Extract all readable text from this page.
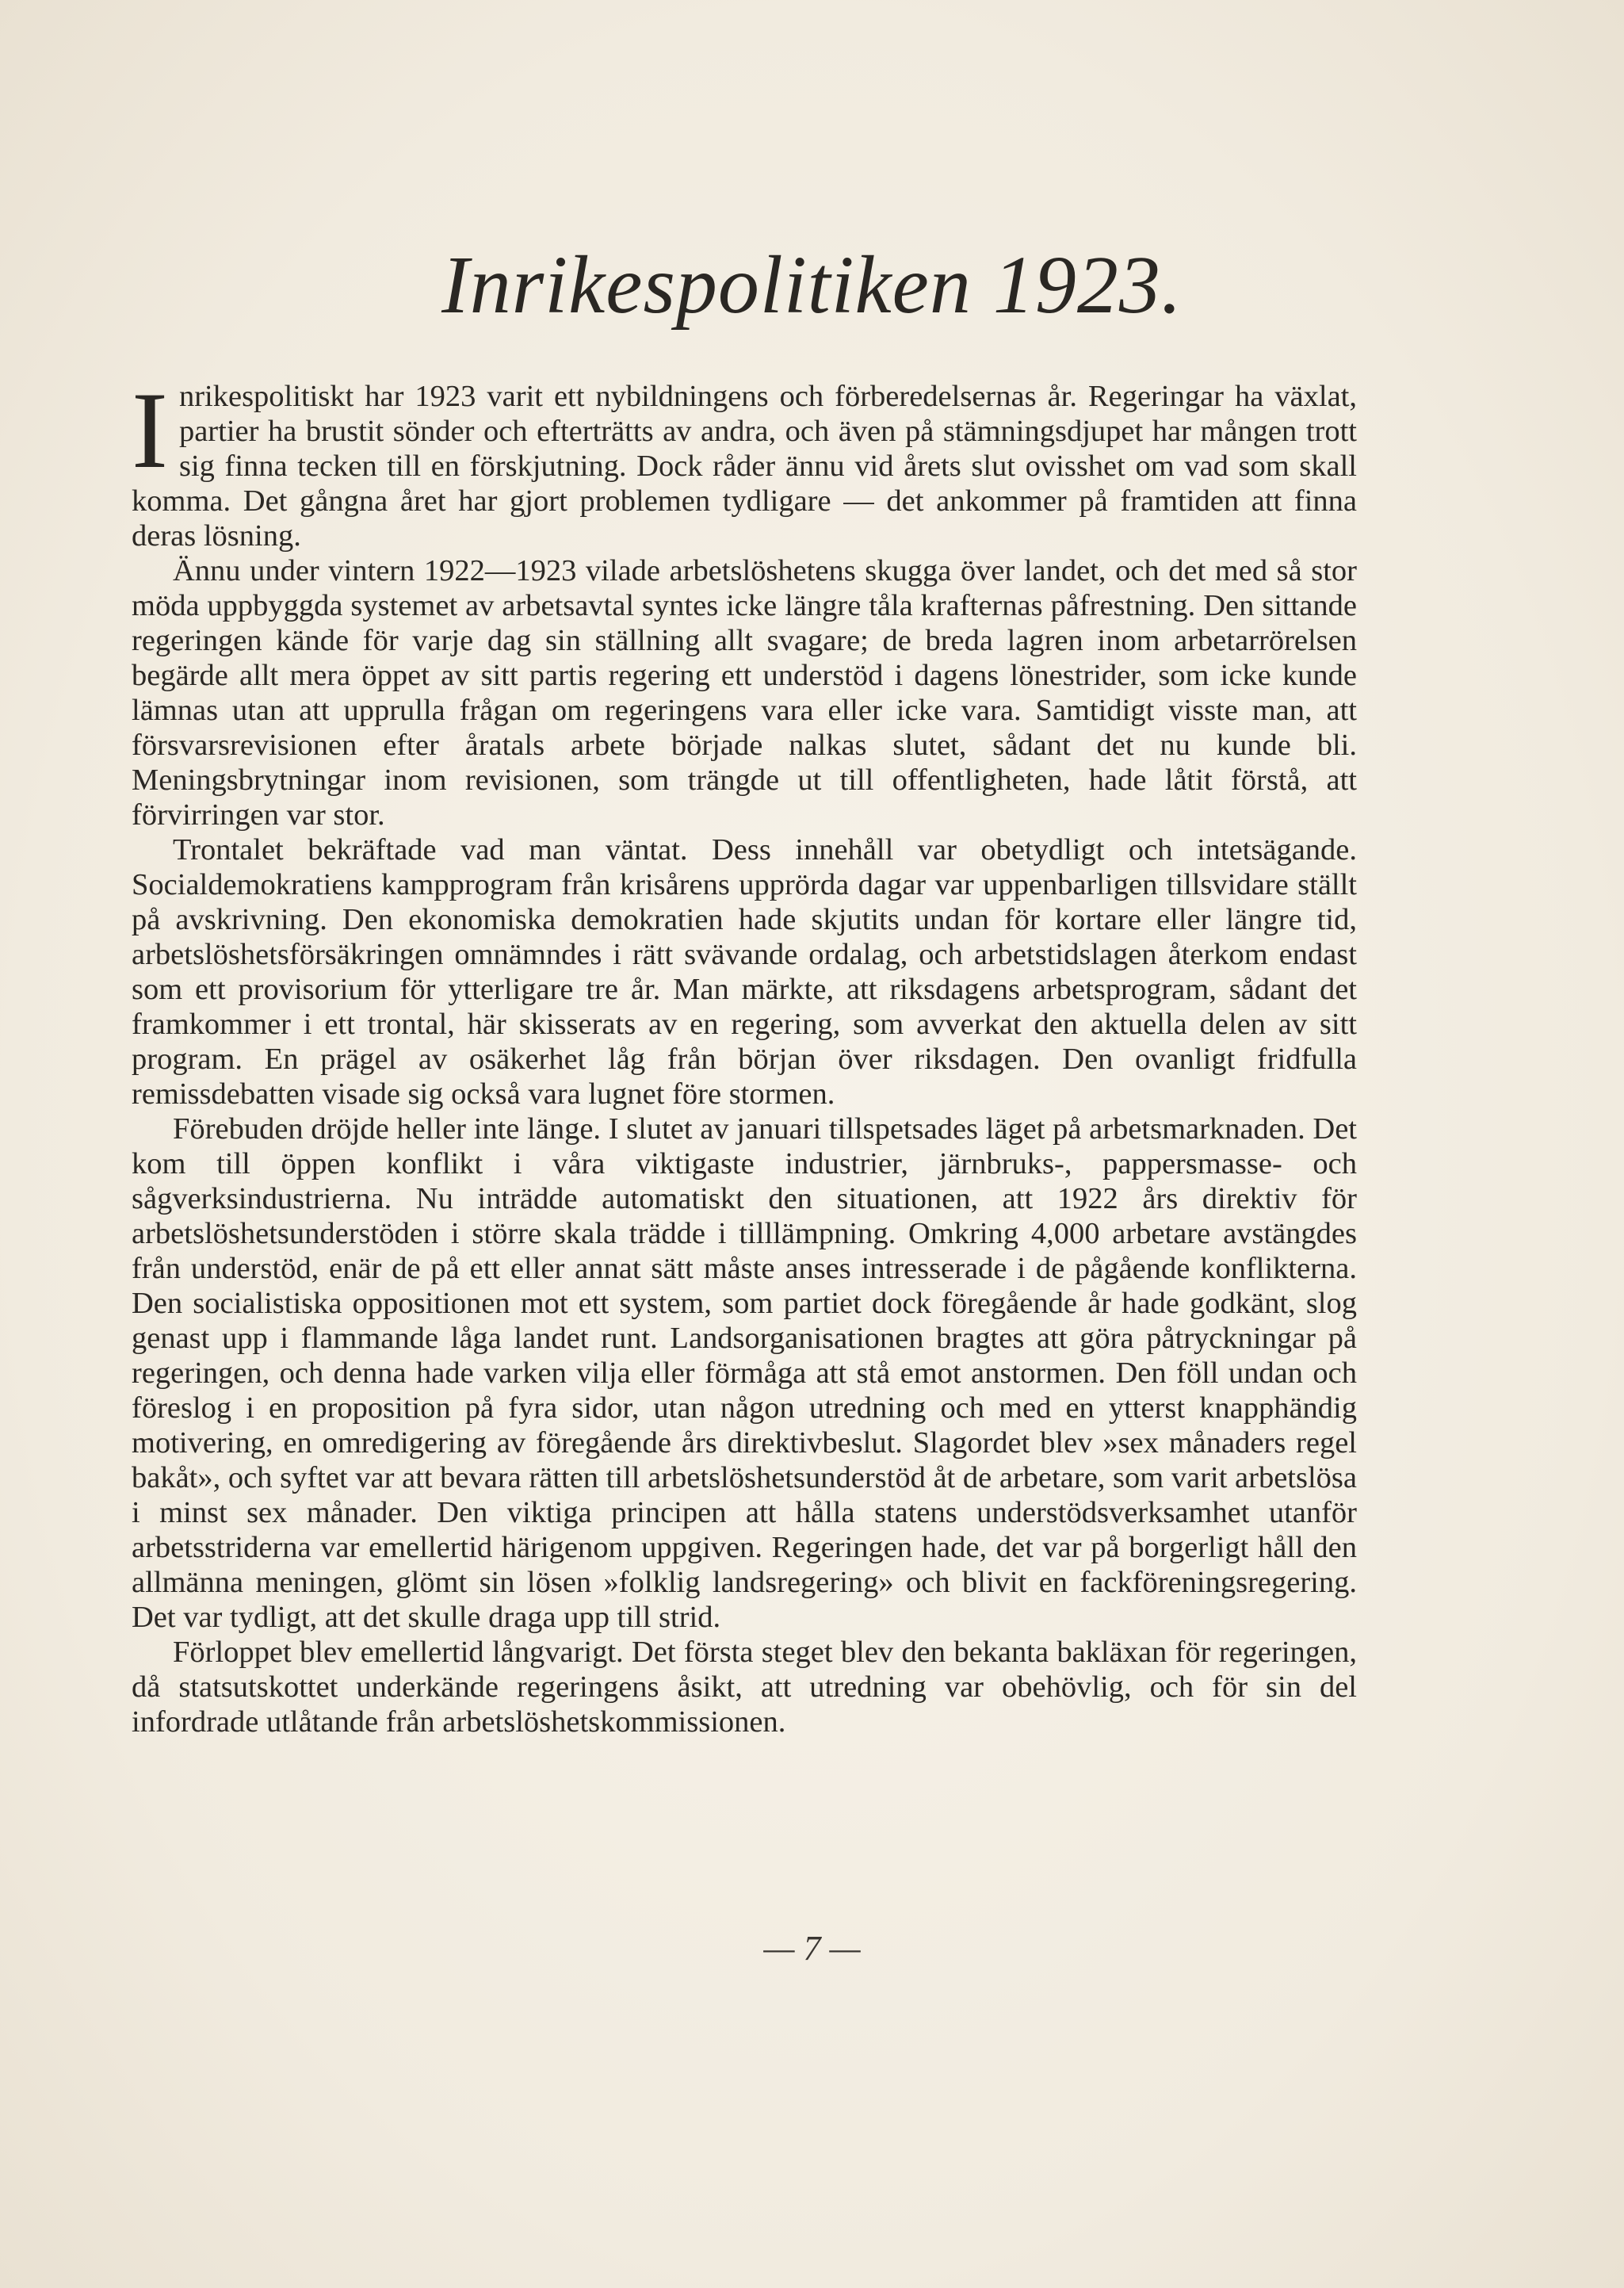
Inrikespolitiken 1923.

Inrikespolitiskt har 1923 varit ett nybildningens och förberedelsernas år. Regeringar ha växlat, partier ha brustit sönder och efterträtts av andra, och även på stämningsdjupet har mången trott sig finna tecken till en förskjutning. Dock råder ännu vid årets slut ovisshet om vad som skall komma. Det gångna året har gjort problemen tydligare — det ankommer på framtiden att finna deras lösning.

Ännu under vintern 1922—1923 vilade arbetslöshetens skugga över landet, och det med så stor möda uppbyggda systemet av arbetsavtal syntes icke längre tåla krafternas påfrestning. Den sittande regeringen kände för varje dag sin ställning allt svagare; de breda lagren inom arbetarrörelsen begärde allt mera öppet av sitt partis regering ett understöd i dagens lönestrider, som icke kunde lämnas utan att upprulla frågan om regeringens vara eller icke vara. Samtidigt visste man, att försvarsrevisionen efter åratals arbete började nalkas slutet, sådant det nu kunde bli. Meningsbrytningar inom revisionen, som trängde ut till offentligheten, hade låtit förstå, att förvirringen var stor.

Trontalet bekräftade vad man väntat. Dess innehåll var obetydligt och intetsägande. Socialdemokratiens kampprogram från krisårens upprörda dagar var uppenbarligen tillsvidare ställt på avskrivning. Den ekonomiska demokratien hade skjutits undan för kortare eller längre tid, arbetslöshetsförsäkringen omnämndes i rätt svävande ordalag, och arbetstidslagen återkom endast som ett provisorium för ytterligare tre år. Man märkte, att riksdagens arbetsprogram, sådant det framkommer i ett trontal, här skisserats av en regering, som avverkat den aktuella delen av sitt program. En prägel av osäkerhet låg från början över riksdagen. Den ovanligt fridfulla remissdebatten visade sig också vara lugnet före stormen.

Förebuden dröjde heller inte länge. I slutet av januari tillspetsades läget på arbetsmarknaden. Det kom till öppen konflikt i våra viktigaste industrier, järnbruks-, pappersmasse- och sågverksindustrierna. Nu inträdde automatiskt den situationen, att 1922 års direktiv för arbetslöshetsunderstöden i större skala trädde i tilllämpning. Omkring 4,000 arbetare avstängdes från understöd, enär de på ett eller annat sätt måste anses intresserade i de pågående konflikterna. Den socialistiska oppositionen mot ett system, som partiet dock föregående år hade godkänt, slog genast upp i flammande låga landet runt. Landsorganisationen bragtes att göra påtryckningar på regeringen, och denna hade varken vilja eller förmåga att stå emot anstormen. Den föll undan och föreslog i en proposition på fyra sidor, utan någon utredning och med en ytterst knapphändig motivering, en omredigering av föregående års direktivbeslut. Slagordet blev »sex månaders regel bakåt», och syftet var att bevara rätten till arbetslöshetsunderstöd åt de arbetare, som varit arbetslösa i minst sex månader. Den viktiga principen att hålla statens understödsverksamhet utanför arbetsstriderna var emellertid härigenom uppgiven. Regeringen hade, det var på borgerligt håll den allmänna meningen, glömt sin lösen »folklig landsregering» och blivit en fackföreningsregering. Det var tydligt, att det skulle draga upp till strid.

Förloppet blev emellertid långvarigt. Det första steget blev den bekanta bakläxan för regeringen, då statsutskottet underkände regeringens åsikt, att utredning var obehövlig, och för sin del infordrade utlåtande från arbetslöshetskommissionen.

— 7 —
